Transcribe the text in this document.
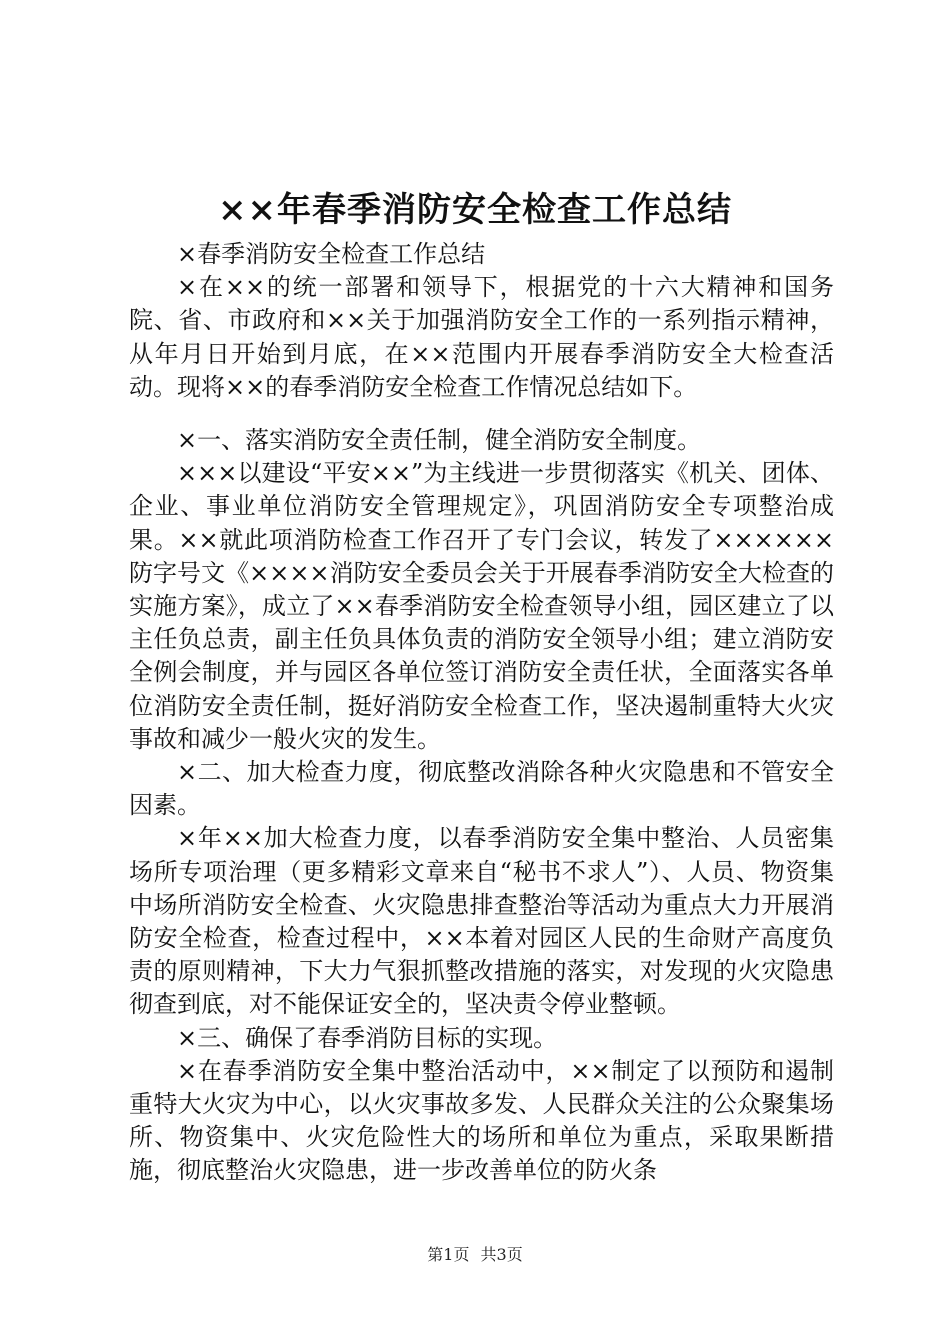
××年春季消防安全检查工作总结

×春季消防安全检查工作总结

×在××的统一部署和领导下，根据党的十六大精神和国务院、省、市政府和××关于加强消防安全工作的一系列指示精神，从年月日开始到月底，在××范围内开展春季消防安全大检查活动。现将××的春季消防安全检查工作情况总结如下。

×一、落实消防安全责任制，健全消防安全制度。

×××以建设“平安××”为主线进一步贯彻落实《机关、团体、企业、事业单位消防安全管理规定》，巩固消防安全专项整治成果。××就此项消防检查工作召开了专门会议，转发了××××××防字号文《××××消防安全委员会关于开展春季消防安全大检查的实施方案》，成立了××春季消防安全检查领导小组，园区建立了以主任负总责，副主任负具体负责的消防安全领导小组；建立消防安全例会制度，并与园区各单位签订消防安全责任状，全面落实各单位消防安全责任制，挺好消防安全检查工作，坚决遏制重特大火灾事故和减少一般火灾的发生。

×二、加大检查力度，彻底整改消除各种火灾隐患和不管安全因素。

×年××加大检查力度，以春季消防安全集中整治、人员密集场所专项治理（更多精彩文章来自“秘书不求人”）、人员、物资集中场所消防安全检查、火灾隐患排查整治等活动为重点大力开展消防安全检查，检查过程中，××本着对园区人民的生命财产高度负责的原则精神，下大力气狠抓整改措施的落实，对发现的火灾隐患彻查到底，对不能保证安全的，坚决责令停业整顿。

×三、确保了春季消防目标的实现。

×在春季消防安全集中整治活动中，××制定了以预防和遏制重特大火灾为中心，以火灾事故多发、人民群众关注的公众聚集场所、物资集中、火灾危险性大的场所和单位为重点，采取果断措施，彻底整治火灾隐患，进一步改善单位的防火条

第1页 共3页
